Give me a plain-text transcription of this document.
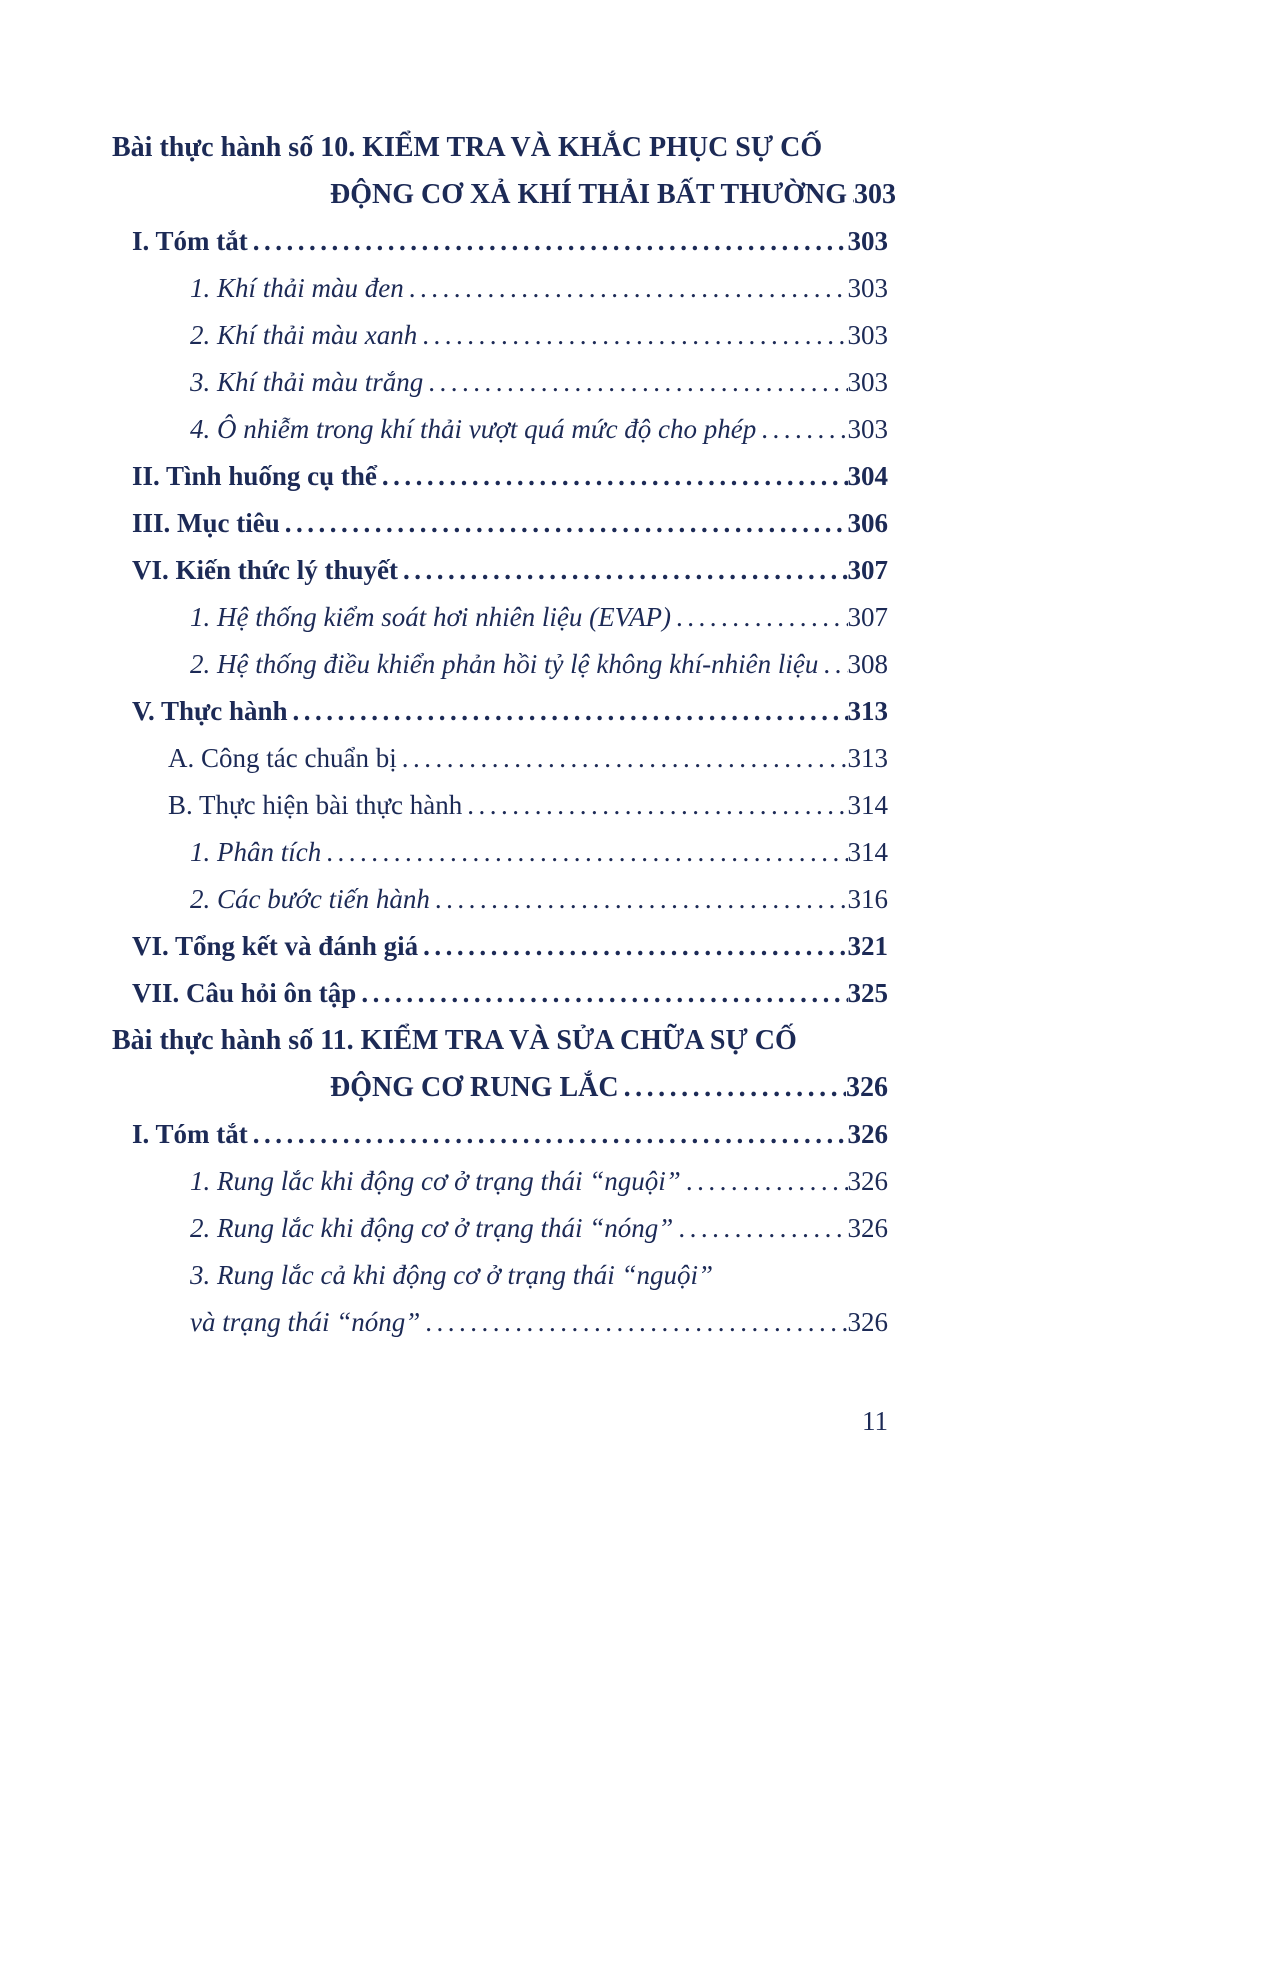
Bài thực hành số 10. KIỂM TRA VÀ KHẮC PHỤC SỰ CỐ
ĐỘNG CƠ XẢ KHÍ THẢI BẤT THƯỜNG ..... 303
I. Tóm tắt .....	303
1. Khí thải màu đen .....	303
2. Khí thải màu xanh .....	303
3. Khí thải màu trắng .....	303
4. Ô nhiễm trong khí thải vượt quá mức độ cho phép .....	303
II. Tình huống cụ thể .....	304
III. Mục tiêu .....	306
VI. Kiến thức lý thuyết .....	307
1. Hệ thống kiểm soát hơi nhiên liệu (EVAP) .....	307
2. Hệ thống điều khiển phản hồi tỷ lệ không khí-nhiên liệu ..... 308
V. Thực hành .....	313
A. Công tác chuẩn bị .....	313
B. Thực hiện bài thực hành .....	314
1. Phân tích .....	314
2. Các bước tiến hành .....	316
VI. Tổng kết và đánh giá .....	321
VII. Câu hỏi ôn tập .....	325
Bài thực hành số 11. KIỂM TRA VÀ SỬA CHỮA SỰ CỐ
ĐỘNG CƠ RUNG LẮC .....	326
I. Tóm tắt .....	326
1. Rung lắc khi động cơ ở trạng thái “nguội” .....	326
2. Rung lắc khi động cơ ở trạng thái “nóng” .....	326
3. Rung lắc cả khi động cơ ở trạng thái “nguội”
và trạng thái “nóng” .....	326
11
